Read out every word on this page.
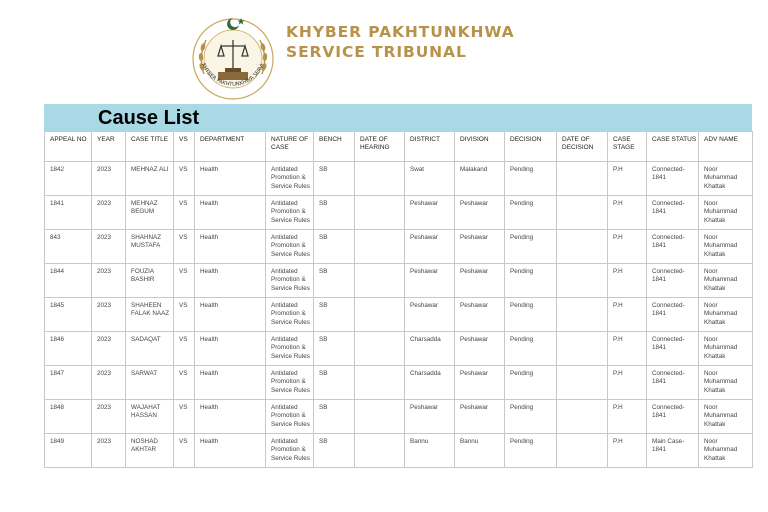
KHYBER PAKHTUNKHWA SERVI
KHYBER PAKHTUNKHWA
SERVICE TRIBUNAL
Cause List
APPEAL NO	YEAR	CASE TITLE	VS	DEPARTMENT	NATURE OF CASE	BENCH	DATE OF HEARING	DISTRICT	DIVISION	DECISION	DATE OF DECISION	CASE STAGE	CASE STATUS	ADV NAME
1842	2023	MEHNAZ ALI	VS	Health	Antidated Promotion & Service Rules	SB		Swat	Malakand	Pending		P.H	Connected-1841	Noor Muhammad Khattak
1841	2023	MEHNAZ BEGUM	VS	Health	Antidated Promotion & Service Rules	SB		Peshawar	Peshawar	Pending		P.H	Connected-1841	Noor Muhammad Khattak
843	2023	SHAHNAZ MUSTAFA	VS	Health	Antidated Promotion & Service Rules	SB		Peshawar	Peshawar	Pending		P.H	Connected-1841	Noor Muhammad Khattak
1844	2023	FOUZIA BASHIR	VS	Health	Antidated Promotion & Service Rules	SB		Peshawar	Peshawar	Pending		P.H	Connected-1841	Noor Muhammad Khattak
1845	2023	SHAHEEN FALAK NAAZ	VS	Health	Antidated Promotion & Service Rules	SB		Peshawar	Peshawar	Pending		P.H	Connected-1841	Noor Muhammad Khattak
1846	2023	SADAQAT	VS	Health	Antidated Promotion & Service Rules	SB		Charsadda	Peshawar	Pending		P.H	Connected-1841	Noor Muhammad Khattak
1847	2023	SARWAT	VS	Health	Antidated Promotion & Service Rules	SB		Charsadda	Peshawar	Pending		P.H	Connected-1841	Noor Muhammad Khattak
1848	2023	WAJAHAT HASSAN	VS	Health	Antidated Promotion & Service Rules	SB		Peshawar	Peshawar	Pending		P.H	Connected-1841	Noor Muhammad Khattak
1849	2023	NOSHAD AKHTAR	VS	Health	Antidated Promotion & Service Rules	SB		Bannu	Bannu	Pending		P.H	Main Case-1841	Noor Muhammad Khattak
